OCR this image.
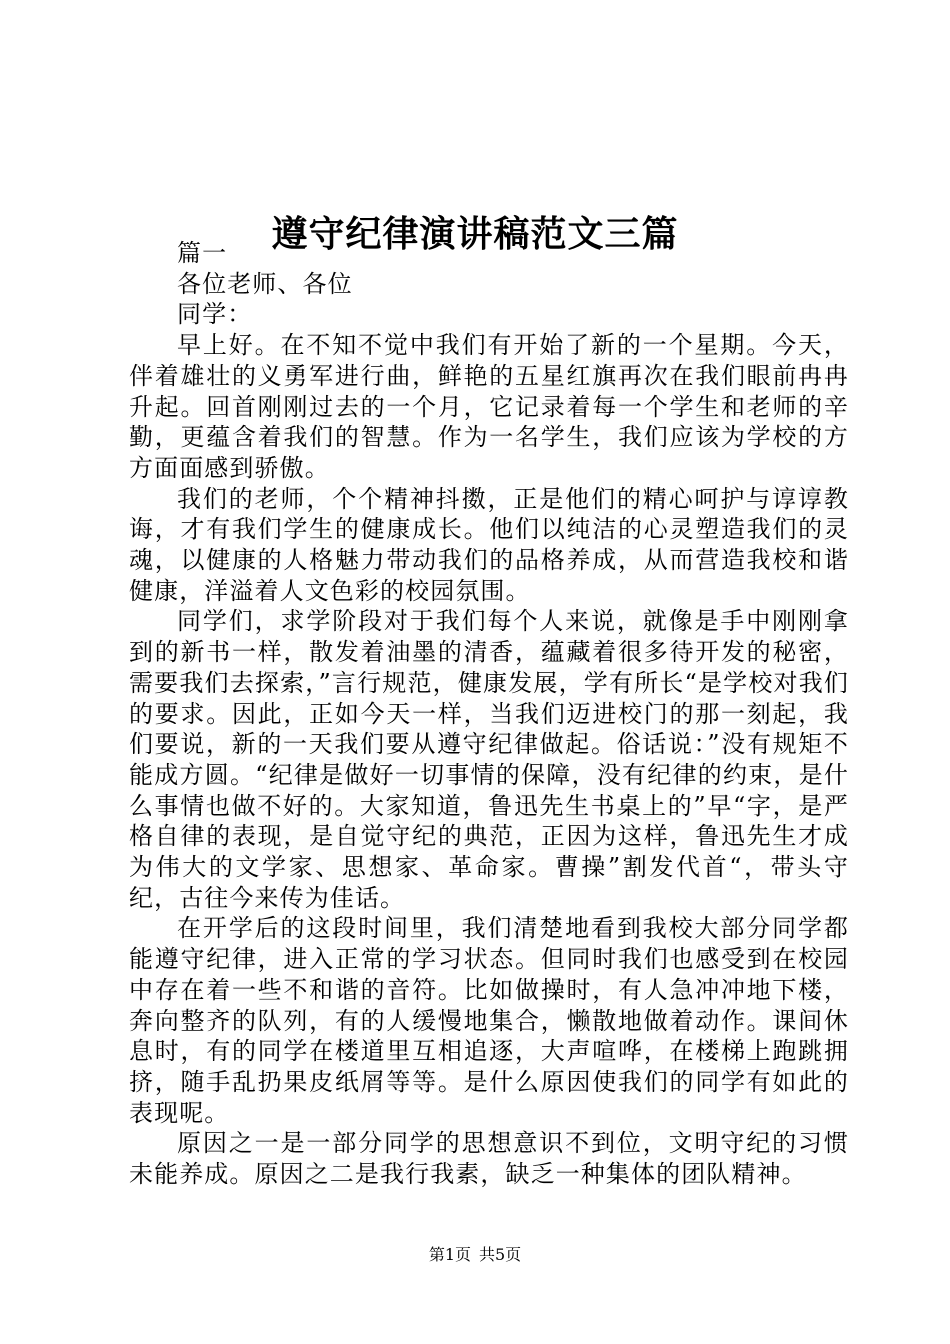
遵守纪律演讲稿范文三篇

篇一

各位老师、各位

同学：

早上好。在不知不觉中我们有开始了新的一个星期。今天，伴着雄壮的义勇军进行曲，鲜艳的五星红旗再次在我们眼前冉冉升起。回首刚刚过去的一个月，它记录着每一个学生和老师的辛勤，更蕴含着我们的智慧。作为一名学生，我们应该为学校的方方面面感到骄傲。

我们的老师，个个精神抖擞，正是他们的精心呵护与谆谆教诲，才有我们学生的健康成长。他们以纯洁的心灵塑造我们的灵魂，以健康的人格魅力带动我们的品格养成，从而营造我校和谐健康，洋溢着人文色彩的校园氛围。

同学们，求学阶段对于我们每个人来说，就像是手中刚刚拿到的新书一样，散发着油墨的清香，蕴藏着很多待开发的秘密，需要我们去探索，”言行规范，健康发展，学有所长“是学校对我们的要求。因此，正如今天一样，当我们迈进校门的那一刻起，我们要说，新的一天我们要从遵守纪律做起。俗话说：”没有规矩不能成方圆。“纪律是做好一切事情的保障，没有纪律的约束，是什么事情也做不好的。大家知道，鲁迅先生书桌上的”早“字，是严格自律的表现，是自觉守纪的典范，正因为这样，鲁迅先生才成为伟大的文学家、思想家、革命家。曹操”割发代首“，带头守纪，古往今来传为佳话。

在开学后的这段时间里，我们清楚地看到我校大部分同学都能遵守纪律，进入正常的学习状态。但同时我们也感受到在校园中存在着一些不和谐的音符。比如做操时，有人急冲冲地下楼，奔向整齐的队列，有的人缓慢地集合，懒散地做着动作。课间休息时，有的同学在楼道里互相追逐，大声喧哗，在楼梯上跑跳拥挤，随手乱扔果皮纸屑等等。是什么原因使我们的同学有如此的表现呢。

原因之一是一部分同学的思想意识不到位，文明守纪的习惯未能养成。原因之二是我行我素，缺乏一种集体的团队精神。

第1页 共5页
